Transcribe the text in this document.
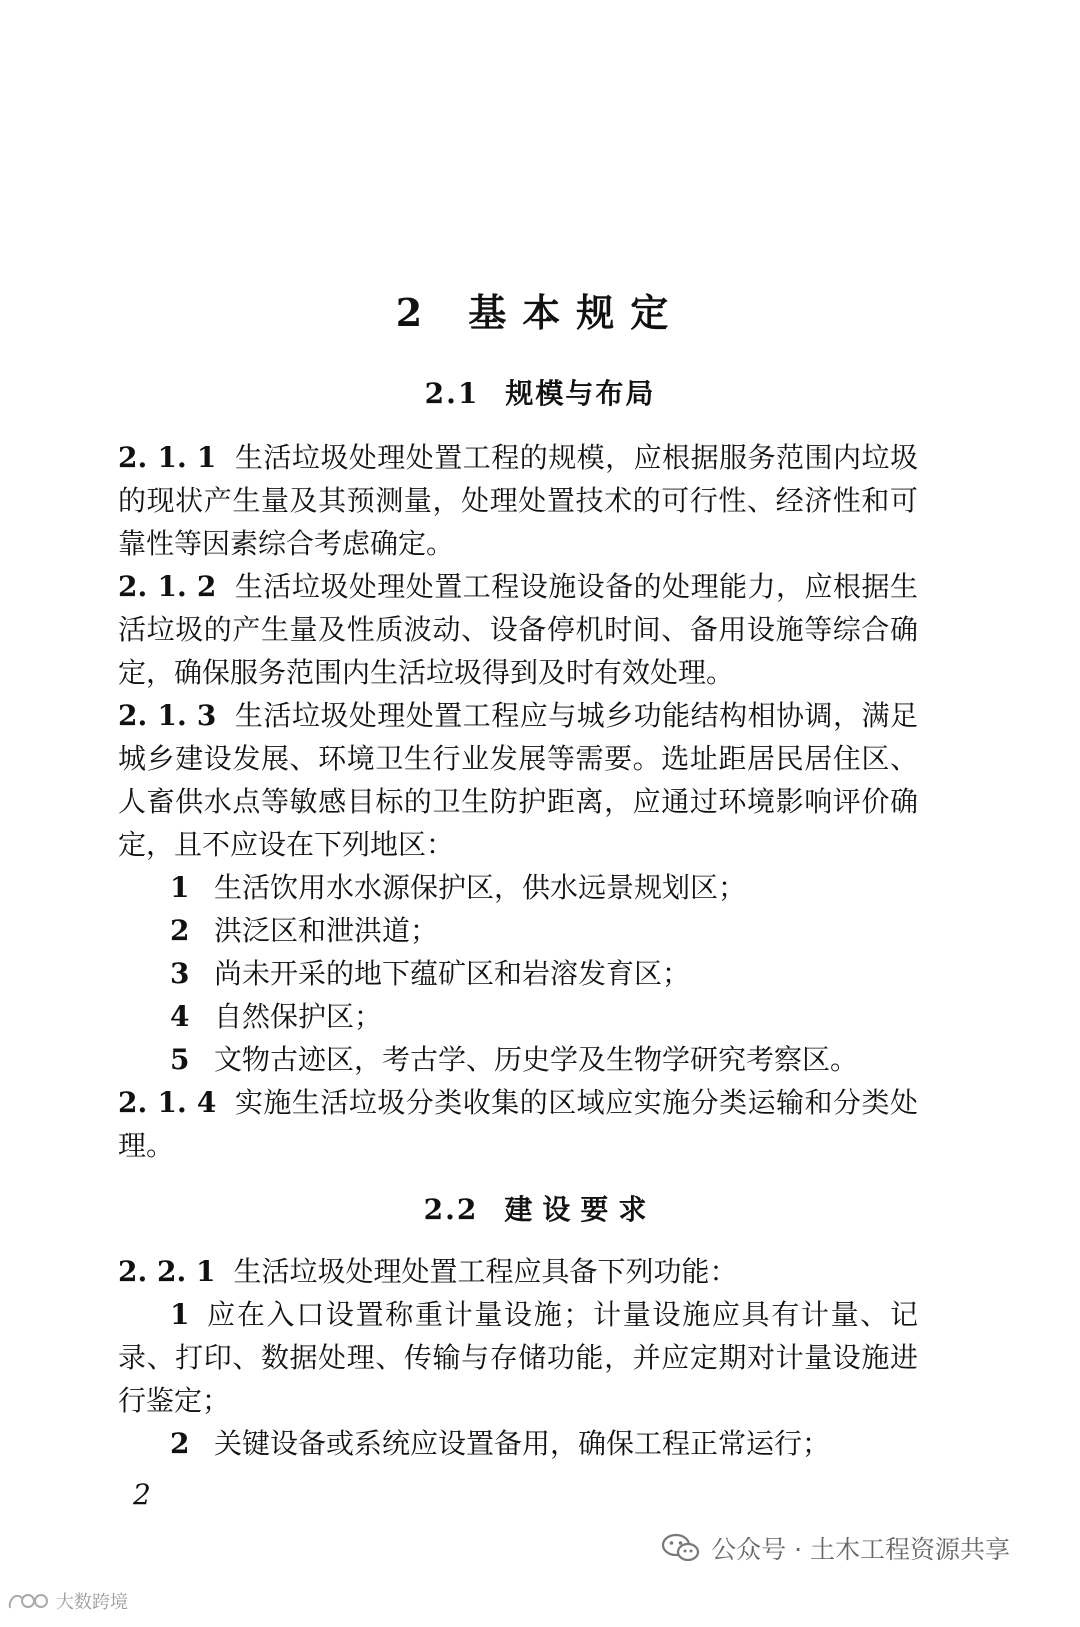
2 基本规定
2.1 规模与布局
2. 1. 1 生活垃圾处理处置工程的规模，应根据服务范围内垃圾的现状产生量及其预测量，处理处置技术的可行性、经济性和可靠性等因素综合考虑确定。
2. 1. 2 生活垃圾处理处置工程设施设备的处理能力，应根据生活垃圾的产生量及性质波动、设备停机时间、备用设施等综合确定，确保服务范围内生活垃圾得到及时有效处理。
2. 1. 3 生活垃圾处理处置工程应与城乡功能结构相协调，满足城乡建设发展、环境卫生行业发展等需要。选址距居民居住区、人畜供水点等敏感目标的卫生防护距离，应通过环境影响评价确定，且不应设在下列地区：
1 生活饮用水水源保护区，供水远景规划区；
2 洪泛区和泄洪道；
3 尚未开采的地下蕴矿区和岩溶发育区；
4 自然保护区；
5 文物古迹区，考古学、历史学及生物学研究考察区。
2. 1. 4 实施生活垃圾分类收集的区域应实施分类运输和分类处理。
2.2 建设要求
2. 2. 1 生活垃圾处理处置工程应具备下列功能：
1 应在入口设置称重计量设施；计量设施应具有计量、记录、打印、数据处理、传输与存储功能，并应定期对计量设施进行鉴定；
2 关键设备或系统应设置备用，确保工程正常运行；
2
公众号 · 土木工程资源共享
大数跨境
